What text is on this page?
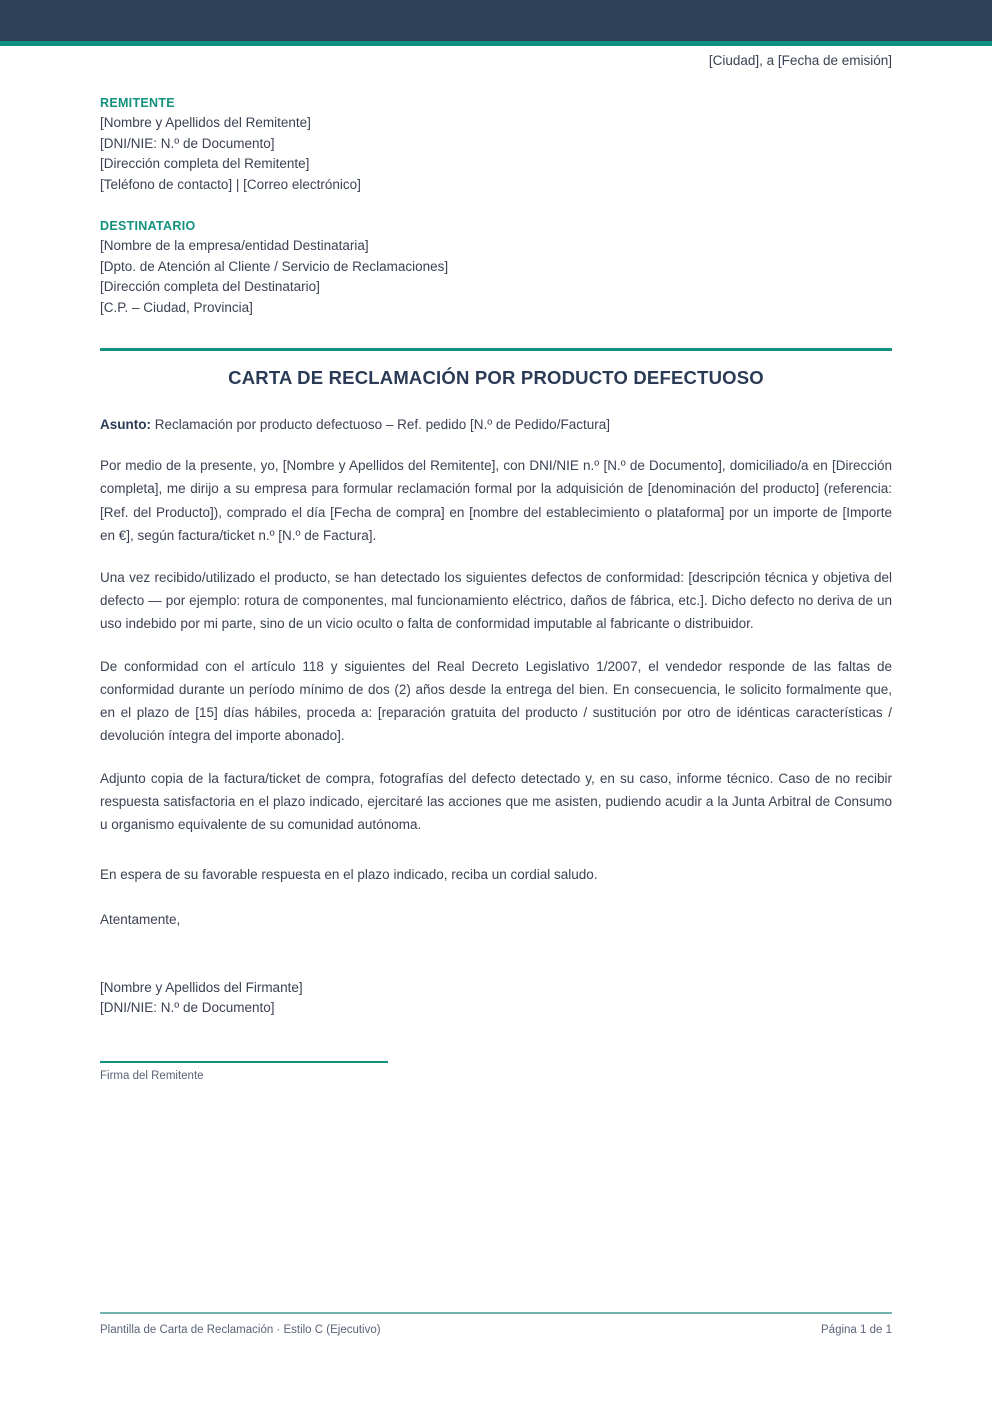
[Ciudad], a [Fecha de emisión]
REMITENTE
[Nombre y Apellidos del Remitente]
[DNI/NIE: N.º de Documento]
[Dirección completa del Remitente]
[Teléfono de contacto] | [Correo electrónico]
DESTINATARIO
[Nombre de la empresa/entidad Destinataria]
[Dpto. de Atención al Cliente / Servicio de Reclamaciones]
[Dirección completa del Destinatario]
[C.P. – Ciudad, Provincia]
CARTA DE RECLAMACIÓN POR PRODUCTO DEFECTUOSO
Asunto: Reclamación por producto defectuoso – Ref. pedido [N.º de Pedido/Factura]
Por medio de la presente, yo, [Nombre y Apellidos del Remitente], con DNI/NIE n.º [N.º de Documento], domiciliado/a en [Dirección completa], me dirijo a su empresa para formular reclamación formal por la adquisición de [denominación del producto] (referencia: [Ref. del Producto]), comprado el día [Fecha de compra] en [nombre del establecimiento o plataforma] por un importe de [Importe en €], según factura/ticket n.º [N.º de Factura].
Una vez recibido/utilizado el producto, se han detectado los siguientes defectos de conformidad: [descripción técnica y objetiva del defecto — por ejemplo: rotura de componentes, mal funcionamiento eléctrico, daños de fábrica, etc.]. Dicho defecto no deriva de un uso indebido por mi parte, sino de un vicio oculto o falta de conformidad imputable al fabricante o distribuidor.
De conformidad con el artículo 118 y siguientes del Real Decreto Legislativo 1/2007, el vendedor responde de las faltas de conformidad durante un período mínimo de dos (2) años desde la entrega del bien. En consecuencia, le solicito formalmente que, en el plazo de [15] días hábiles, proceda a: [reparación gratuita del producto / sustitución por otro de idénticas características / devolución íntegra del importe abonado].
Adjunto copia de la factura/ticket de compra, fotografías del defecto detectado y, en su caso, informe técnico. Caso de no recibir respuesta satisfactoria en el plazo indicado, ejercitaré las acciones que me asisten, pudiendo acudir a la Junta Arbitral de Consumo u organismo equivalente de su comunidad autónoma.
En espera de su favorable respuesta en el plazo indicado, reciba un cordial saludo.
Atentamente,
[Nombre y Apellidos del Firmante]
[DNI/NIE: N.º de Documento]
Firma del Remitente
Plantilla de Carta de Reclamación · Estilo C (Ejecutivo)	Página 1 de 1
